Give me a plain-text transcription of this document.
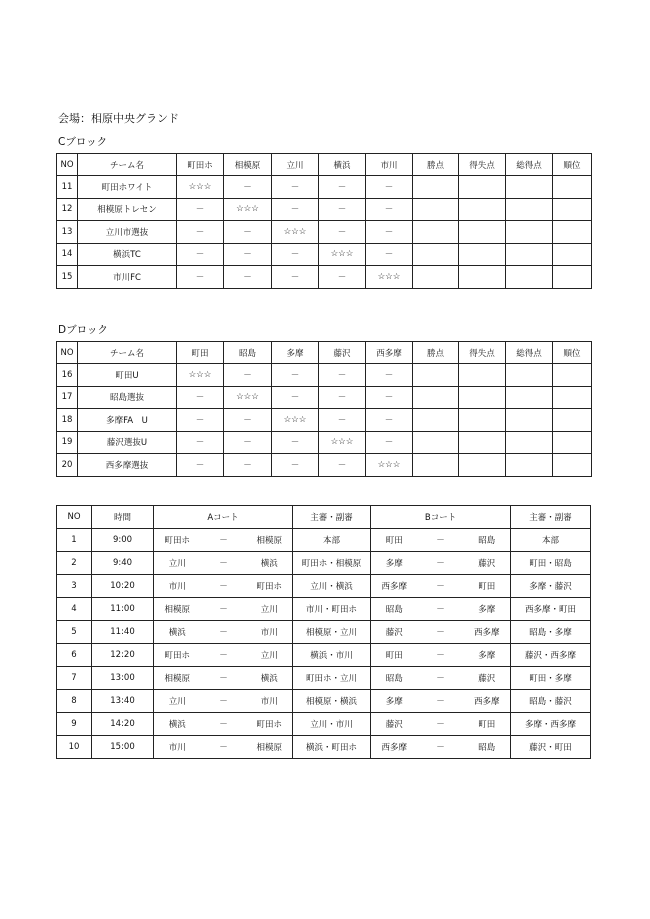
会場：相原中央グランド
Cブロック
NO	チーム名	町田ホ	相模原	立川	横浜	市川	勝点	得失点	総得点	順位
11	町田ホワイト	☆☆☆	－	－	－	－				
12	相模原トレセン	－	☆☆☆	－	－	－				
13	立川市選抜	－	－	☆☆☆	－	－				
14	横浜TC	－	－	－	☆☆☆	－				
15	市川FC	－	－	－	－	☆☆☆				
Dブロック
NO	チーム名	町田	昭島	多摩	藤沢	西多摩	勝点	得失点	総得点	順位
16	町田U	☆☆☆	－	－	－	－				
17	昭島選抜	－	☆☆☆	－	－	－				
18	多摩FA　U	－	－	☆☆☆	－	－				
19	藤沢選抜U	－	－	－	☆☆☆	－				
20	西多摩選抜	－	－	－	－	☆☆☆				
NO	時間	Aコート			主審・副審	Bコート			主審・副審
1	9:00	町田ホ	－	相模原	本部	町田	－	昭島	本部
2	9:40	立川	－	横浜	町田ホ・相模原	多摩	－	藤沢	町田・昭島
3	10:20	市川	－	町田ホ	立川・横浜	西多摩	－	町田	多摩・藤沢
4	11:00	相模原	－	立川	市川・町田ホ	昭島	－	多摩	西多摩・町田
5	11:40	横浜	－	市川	相模原・立川	藤沢	－	西多摩	昭島・多摩
6	12:20	町田ホ	－	立川	横浜・市川	町田	－	多摩	藤沢・西多摩
7	13:00	相模原	－	横浜	町田ホ・立川	昭島	－	藤沢	町田・多摩
8	13:40	立川	－	市川	相模原・横浜	多摩	－	西多摩	昭島・藤沢
9	14:20	横浜	－	町田ホ	立川・市川	藤沢	－	町田	多摩・西多摩
10	15:00	市川	－	相模原	横浜・町田ホ	西多摩	－	昭島	藤沢・町田
